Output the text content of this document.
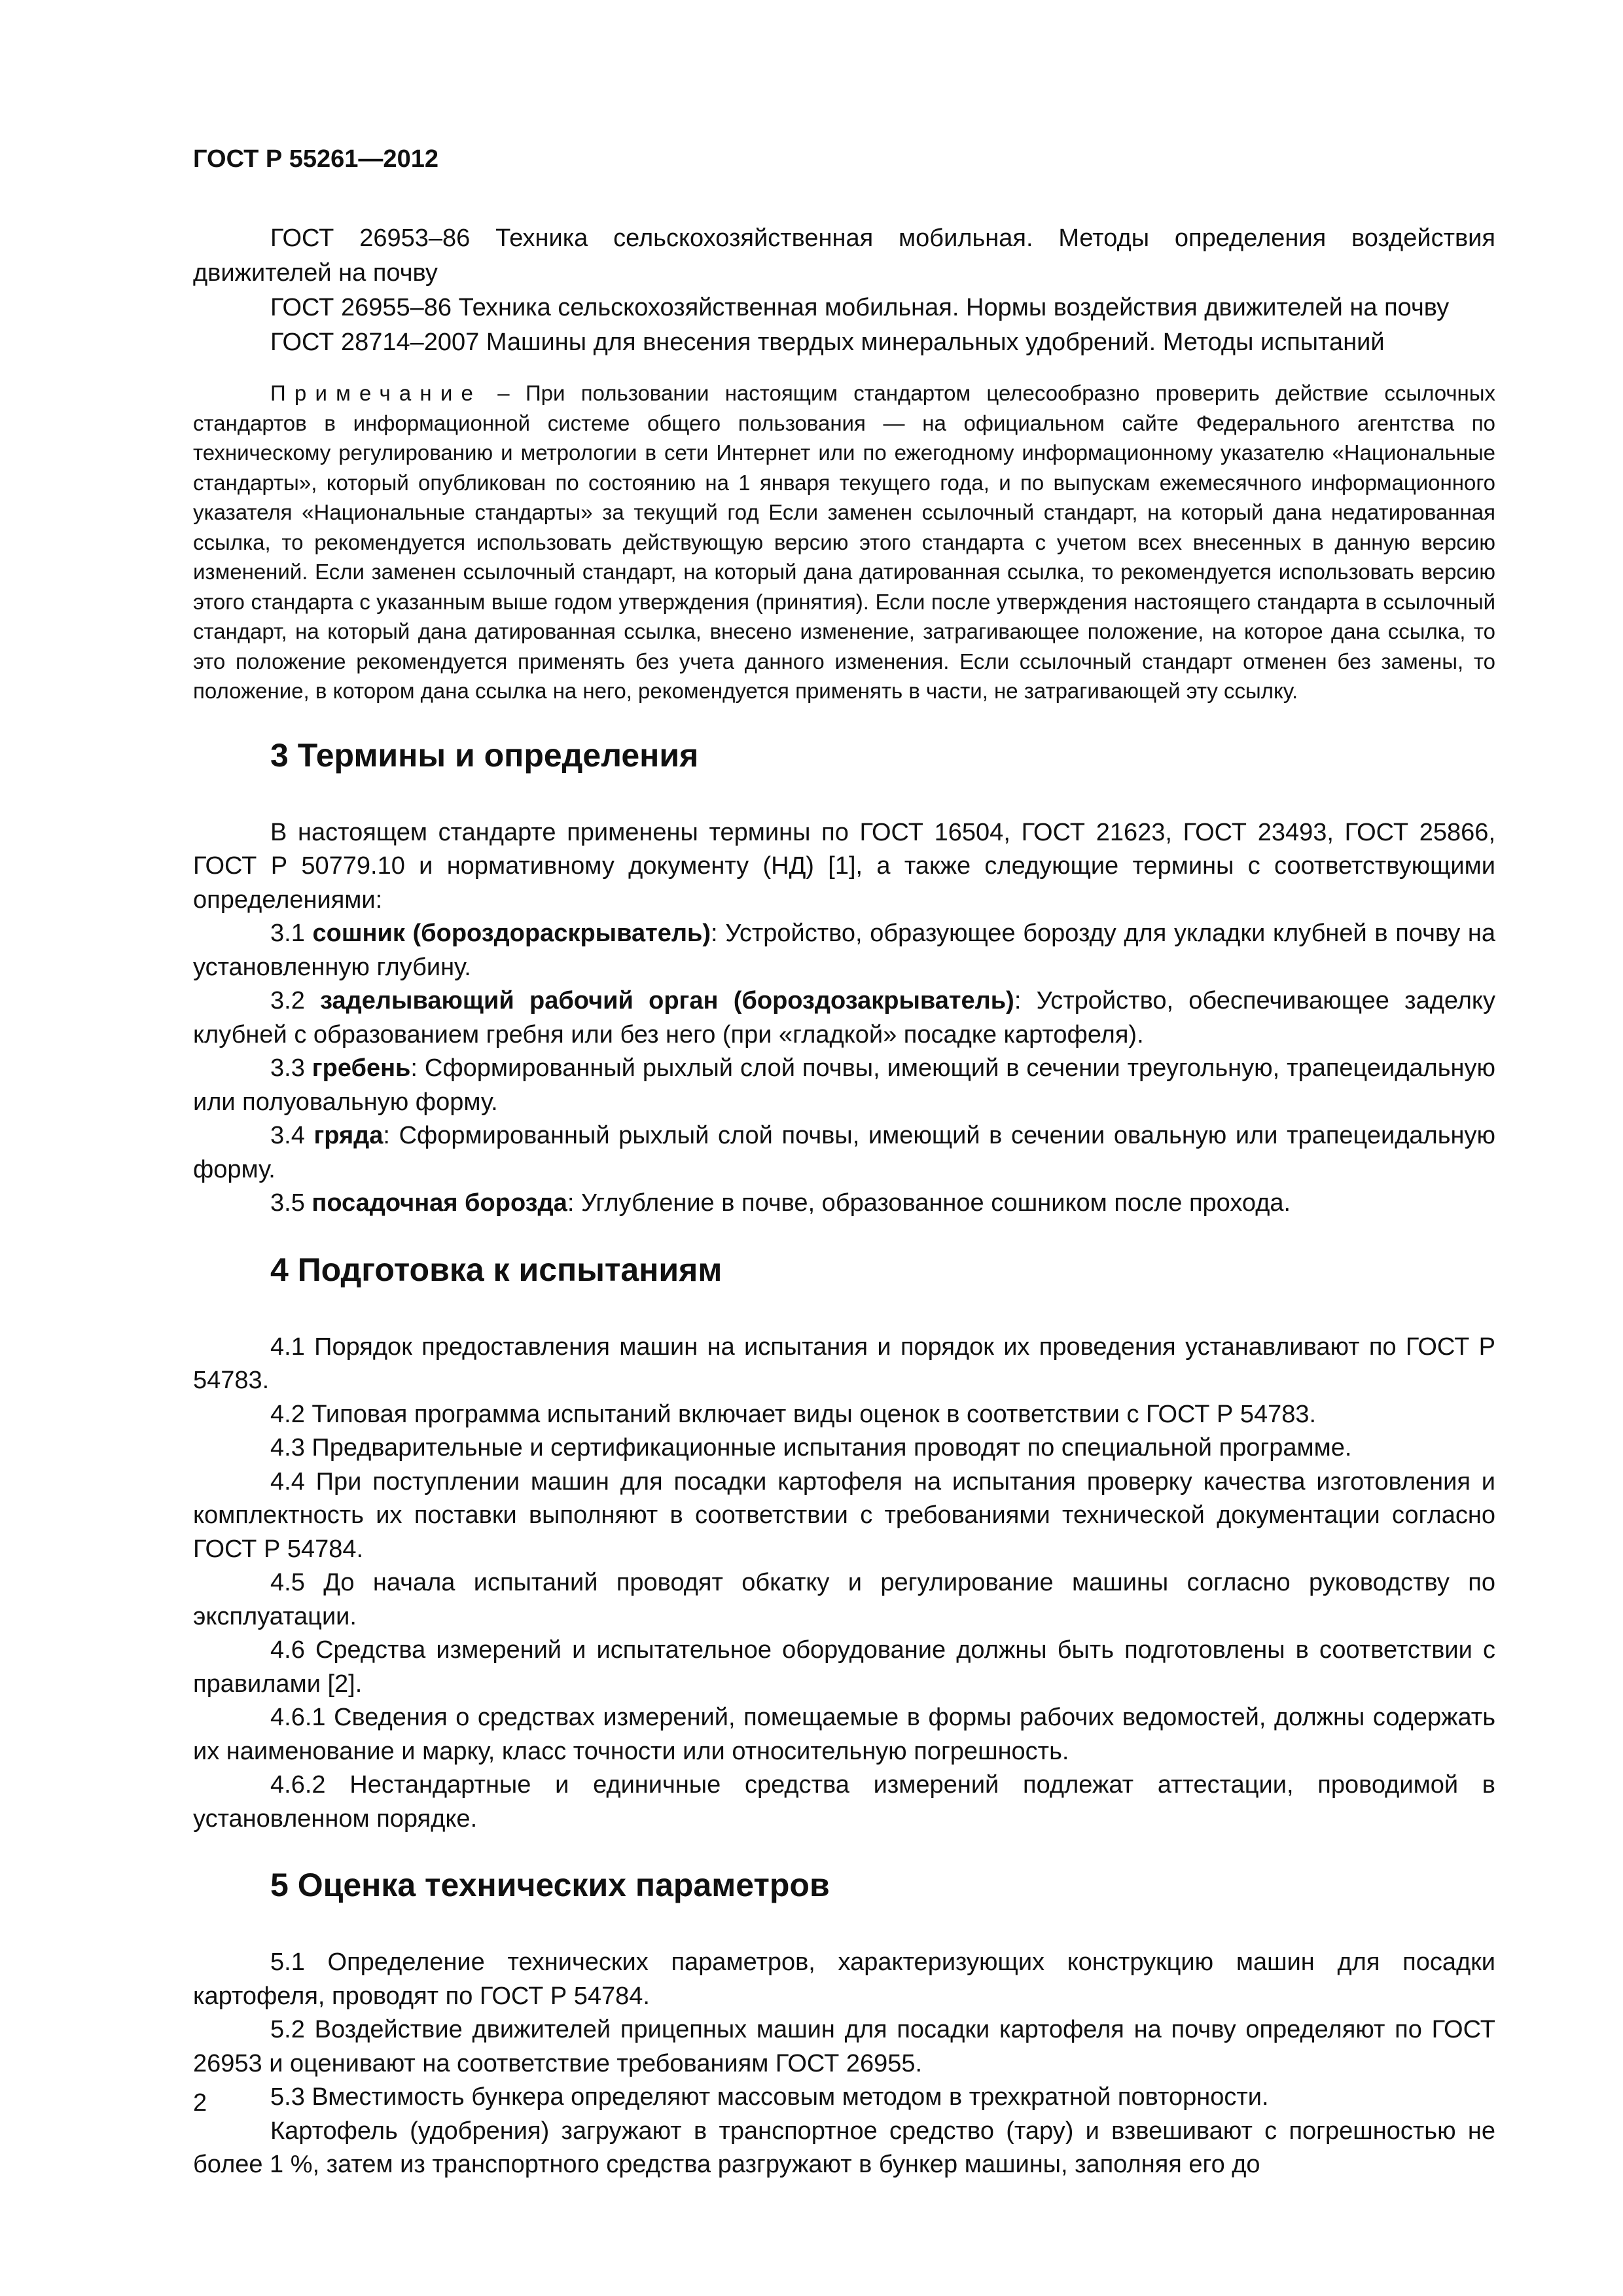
ГОСТ Р 55261—2012

ГОСТ 26953–86 Техника сельскохозяйственная мобильная. Методы определения воздействия движителей на почву

ГОСТ 26955–86 Техника сельскохозяйственная мобильная. Нормы воздействия движителей на почву

ГОСТ 28714–2007 Машины для внесения твердых минеральных удобрений. Методы испытаний

Примечание – При пользовании настоящим стандартом целесообразно проверить действие ссылочных стандартов в информационной системе общего пользования — на официальном сайте Федерального агентства по техническому регулированию и метрологии в сети Интернет или по ежегодному информационному указателю «Национальные стандарты», который опубликован по состоянию на 1 января текущего года, и по выпускам ежемесячного информационного указателя «Национальные стандарты» за текущий год Если заменен ссылочный стандарт, на который дана недатированная ссылка, то рекомендуется использовать действующую версию этого стандарта с учетом всех внесенных в данную версию изменений. Если заменен ссылочный стандарт, на который дана датированная ссылка, то рекомендуется использовать версию этого стандарта с указанным выше годом утверждения (принятия). Если после утверждения настоящего стандарта в ссылочный стандарт, на который дана датированная ссылка, внесено изменение, затрагивающее положение, на которое дана ссылка, то это положение рекомендуется применять без учета данного изменения. Если ссылочный стандарт отменен без замены, то положение, в котором дана ссылка на него, рекомендуется применять в части, не затрагивающей эту ссылку.
3 Термины и определения

В настоящем стандарте применены термины по ГОСТ 16504, ГОСТ 21623, ГОСТ 23493, ГОСТ 25866, ГОСТ Р 50779.10 и нормативному документу (НД) [1], а также следующие термины с соответствующими определениями:

3.1 сошник (бороздораскрыватель): Устройство, образующее борозду для укладки клубней в почву на установленную глубину.

3.2 заделывающий рабочий орган (бороздозакрыватель): Устройство, обеспечивающее заделку клубней с образованием гребня или без него (при «гладкой» посадке картофеля).

3.3 гребень: Сформированный рыхлый слой почвы, имеющий в сечении треугольную, трапецеидальную или полуовальную форму.

3.4 гряда: Сформированный рыхлый слой почвы, имеющий в сечении овальную или трапецеидальную форму.

3.5 посадочная борозда: Углубление в почве, образованное сошником после прохода.

4 Подготовка к испытаниям

4.1 Порядок предоставления машин на испытания и порядок их проведения устанавливают по ГОСТ Р 54783.

4.2 Типовая программа испытаний включает виды оценок в соответствии с ГОСТ Р 54783.

4.3 Предварительные и сертификационные испытания проводят по специальной программе.

4.4 При поступлении машин для посадки картофеля на испытания проверку качества изготовления и комплектность их поставки выполняют в соответствии с требованиями технической документации согласно ГОСТ Р 54784.

4.5 До начала испытаний проводят обкатку и регулирование машины согласно руководству по эксплуатации.

4.6 Средства измерений и испытательное оборудование должны быть подготовлены в соответствии с правилами [2].

4.6.1 Сведения о средствах измерений, помещаемые в формы рабочих ведомостей, должны содержать их наименование и марку, класс точности или относительную погрешность.

4.6.2 Нестандартные и единичные средства измерений подлежат аттестации, проводимой в установленном порядке.

5 Оценка технических параметров

5.1 Определение технических параметров, характеризующих конструкцию машин для посадки картофеля, проводят по ГОСТ Р 54784.

5.2 Воздействие движителей прицепных машин для посадки картофеля на почву определяют по ГОСТ 26953 и оценивают на соответствие требованиям ГОСТ 26955.

5.3 Вместимость бункера определяют массовым методом в трехкратной повторности.

Картофель (удобрения) загружают в транспортное средство (тару) и взвешивают с погрешностью не более 1 %, затем из транспортного средства разгружают в бункер машины, заполняя его до

2
